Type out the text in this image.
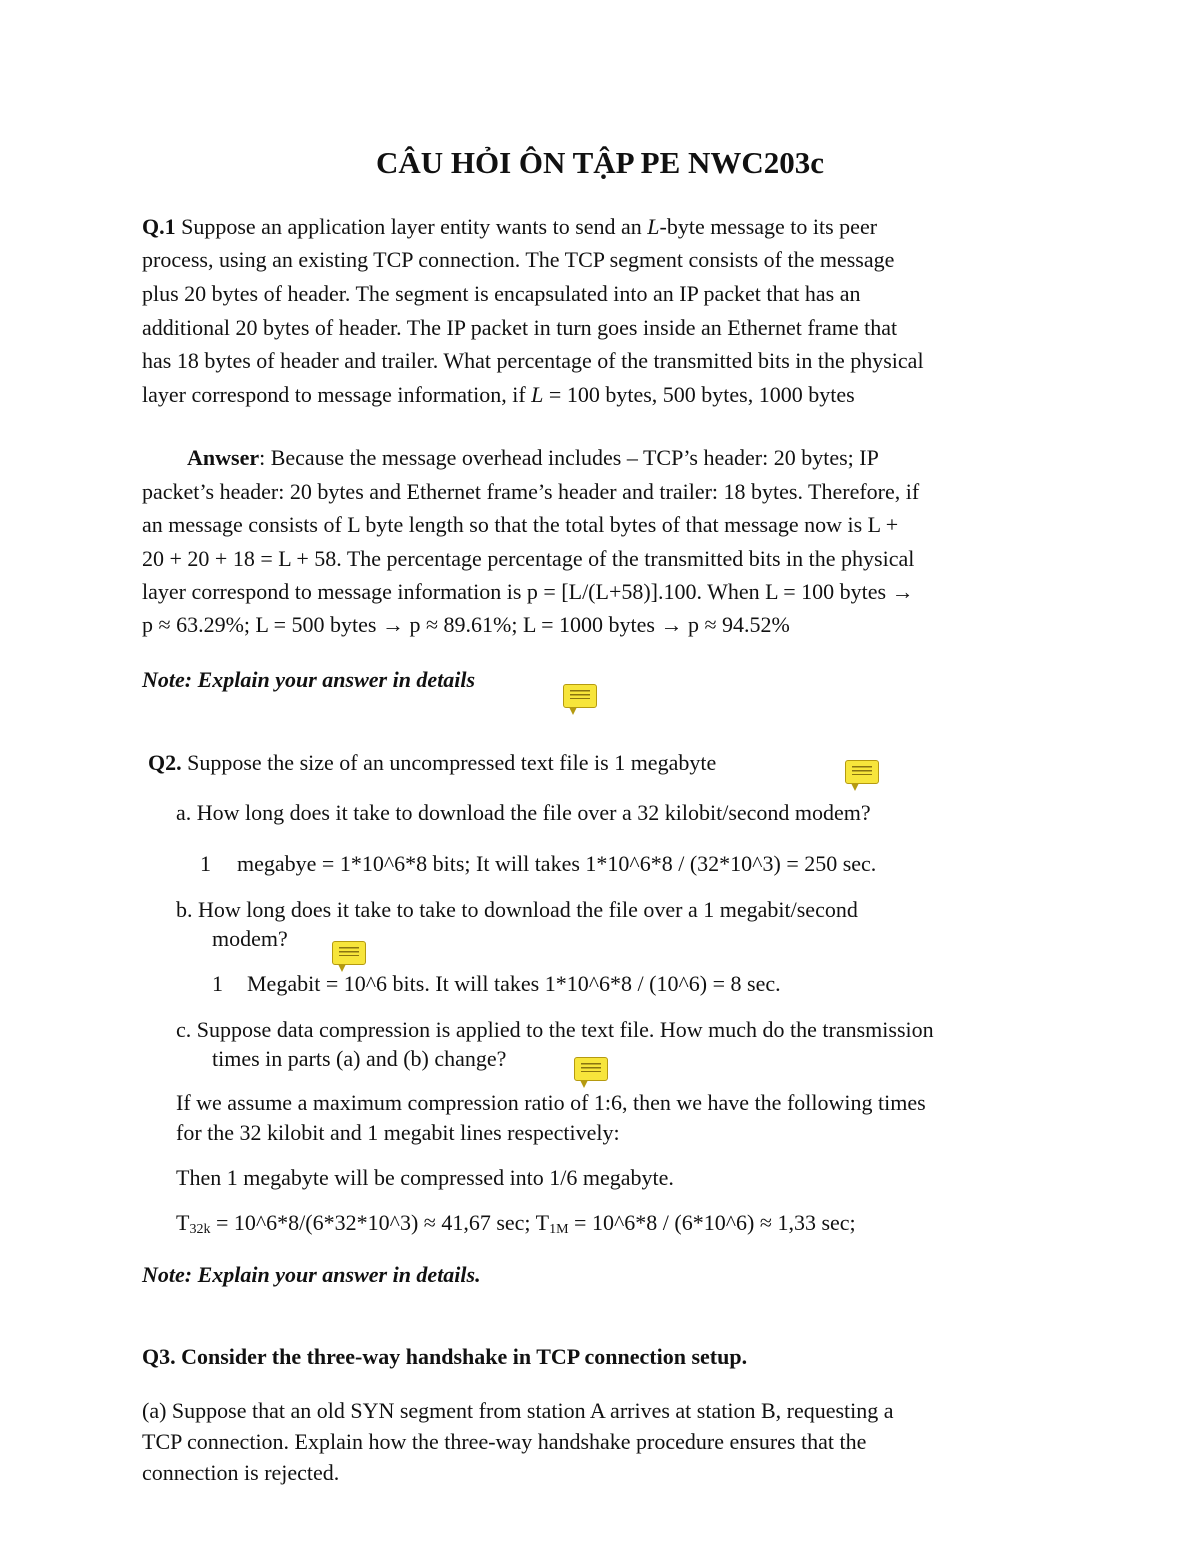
CÂU HỎI ÔN TẬP PE NWC203c
Q.1 Suppose an application layer entity wants to send an L-byte message to its peer
process, using an existing TCP connection. The TCP segment consists of the message
plus 20 bytes of header. The segment is encapsulated into an IP packet that has an
additional 20 bytes of header. The IP packet in turn goes inside an Ethernet frame that
has 18 bytes of header and trailer. What percentage of the transmitted bits in the physical
layer correspond to message information, if L = 100 bytes, 500 bytes, 1000 bytes
Anwser: Because the message overhead includes – TCP’s header: 20 bytes; IP
packet’s header: 20 bytes and Ethernet frame’s header and trailer: 18 bytes. Therefore, if
an message consists of L byte length so that the total bytes of that message now is L +
20 + 20 + 18 = L + 58. The percentage percentage of the transmitted bits in the physical
layer correspond to message information is p = [L/(L+58)].100. When L = 100 bytes →
p ≈ 63.29%; L = 500 bytes → p ≈ 89.61%; L = 1000 bytes → p ≈ 94.52%
Note: Explain your answer in details
Q2. Suppose the size of an uncompressed text file is 1 megabyte
a. How long does it take to download the file over a 32 kilobit/second modem?
1 megabye = 1*10^6*8 bits; It will takes 1*10^6*8 / (32*10^3) = 250 sec.
b. How long does it take to take to download the file over a 1 megabit/second
modem?
1 Megabit = 10^6 bits. It will takes 1*10^6*8 / (10^6) = 8 sec.
c. Suppose data compression is applied to the text file. How much do the transmission
times in parts (a) and (b) change?
If we assume a maximum compression ratio of 1:6, then we have the following times
for the 32 kilobit and 1 megabit lines respectively:
Then 1 megabyte will be compressed into 1/6 megabyte.
$T_{32k}$ = 10^6*8/(6*32*10^3) ≈ 41,67 sec; $T_{1M}$ = 10^6*8 / (6*10^6) ≈ 1,33 sec;
Note: Explain your answer in details.
Q3. Consider the three-way handshake in TCP connection setup.
(a) Suppose that an old SYN segment from station A arrives at station B, requesting a
TCP connection. Explain how the three-way handshake procedure ensures that the
connection is rejected.
